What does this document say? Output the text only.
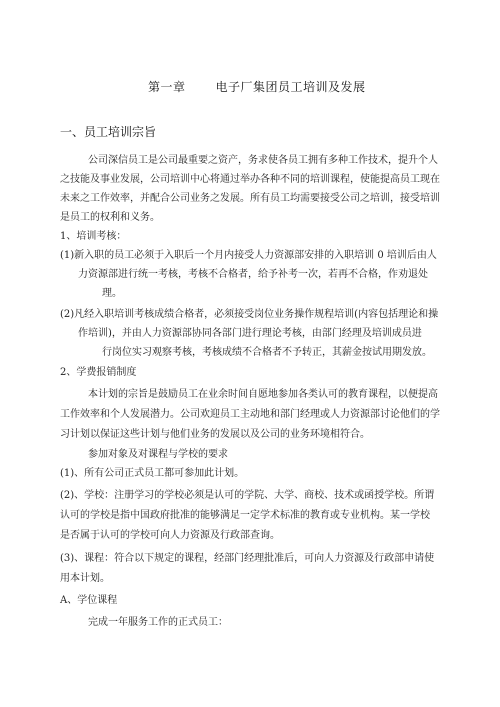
第一章	电子厂集团员工培训及发展
一、员工培训宗旨
公司深信员工是公司最重要之资产，务求使各员工拥有多种工作技术，提升个人
之技能及事业发展，公司培训中心将通过举办各种不同的培训课程，使能提高员工现在
未来之工作效率，并配合公司业务之发展。所有员工均需要接受公司之培训，接受培训
是员工的权利和义务。
1、培训考核：
(1)新入职的员工必须于入职后一个月内接受人力资源部安排的入职培训 0 培训后由人
力资源部进行统一考核，考核不合格者，给予补考一次，若再不合格，作劝退处
理。
(2)凡经入职培训考核成绩合格者，必须接受岗位业务操作规程培训(内容包括理论和操
作培训)，并由人力资源部协同各部门进行理论考核，由部门经理及培训成员进
行岗位实习观察考核，考核成绩不合格者不予转正，其薪金按试用期发放。
2、学费报销制度
本计划的宗旨是鼓励员工在业余时间自愿地参加各类认可的教育课程，以便提高
工作效率和个人发展潜力。公司欢迎员工主动地和部门经理或人力资源部讨论他们的学
习计划以保证这些计划与他们业务的发展以及公司的业务环境相符合。
参加对象及对课程与学校的要求
(1)、所有公司正式员工都可参加此计划。
(2)、学校：注册学习的学校必须是认可的学院、大学、商校、技术或函授学校。所谓
认可的学校是指中国政府批准的能够满足一定学术标准的教育或专业机构。某一学校
是否属于认可的学校可向人力资源及行政部查询。
(3)、课程：符合以下规定的课程，经部门经理批准后，可向人力资源及行政部申请使
用本计划。
A、学位课程
完成一年服务工作的正式员工：
